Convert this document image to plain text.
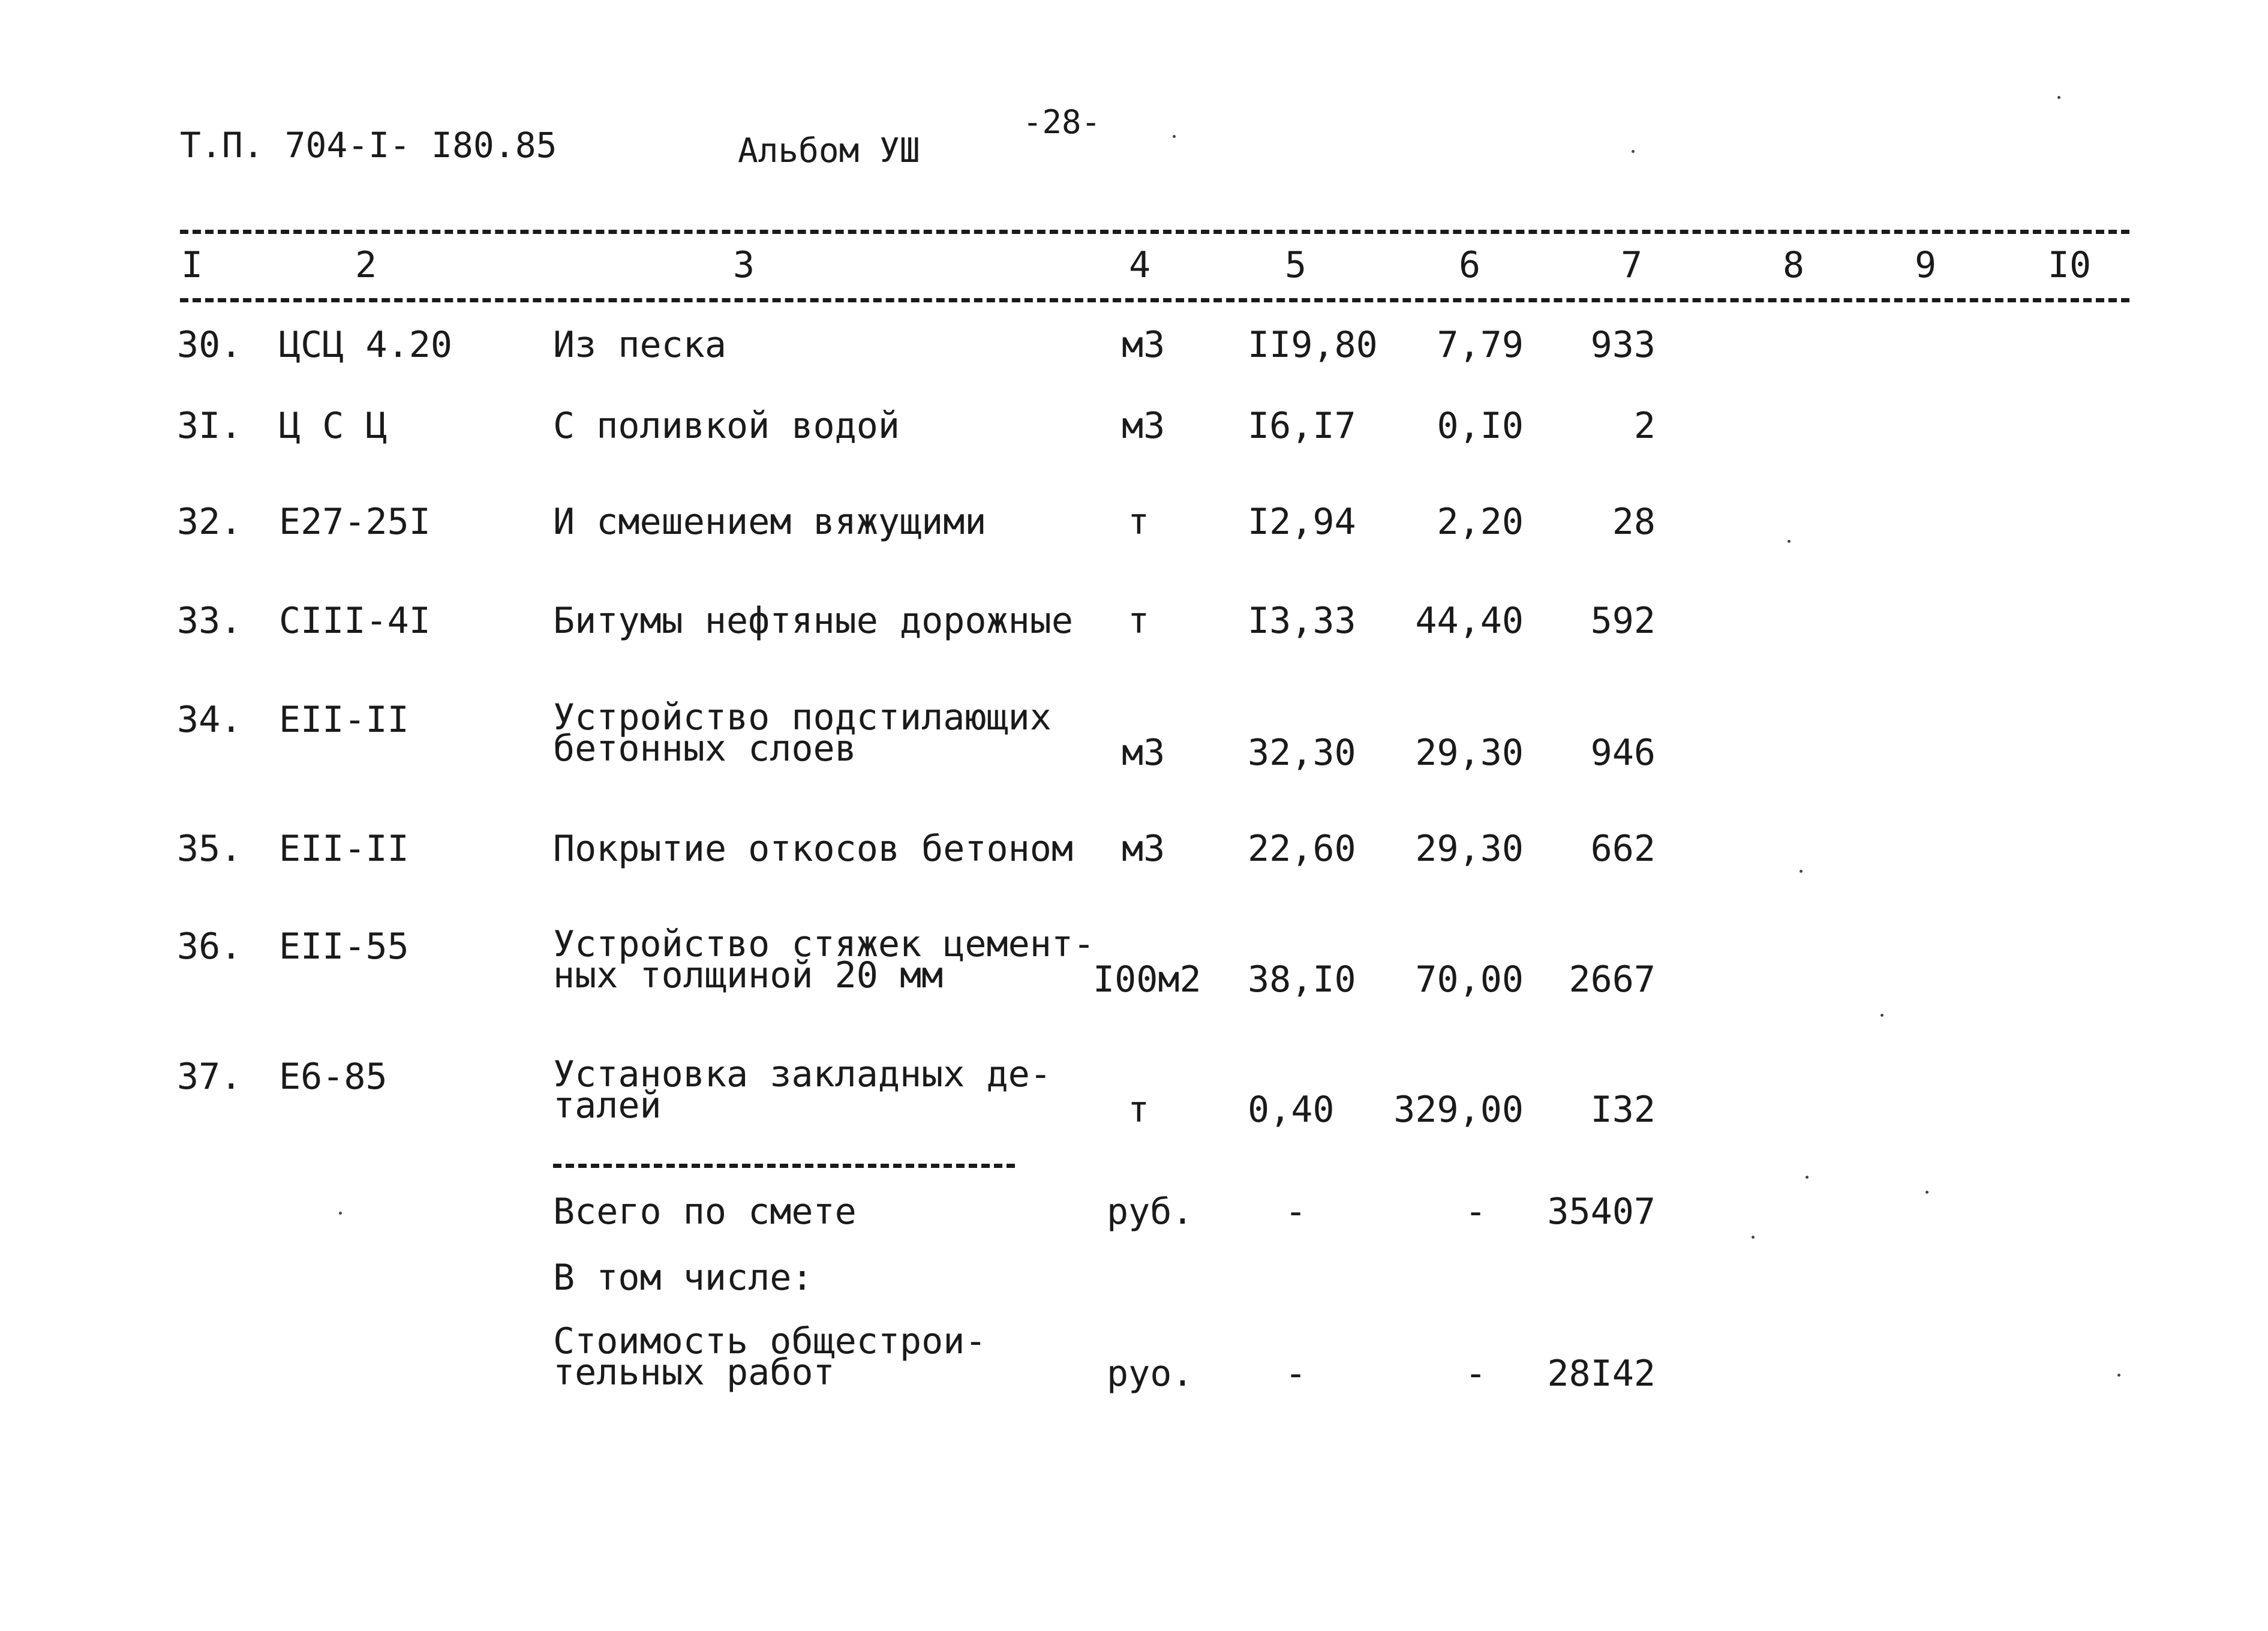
Т.П. 704-I- I80.85	Альбом УШ
-28-
I	2	3	4	5	6	7	8	9	I0
30. ЦСЦ 4.20	Из песка	м3 II9,80	7,79	933
3I. Ц С Ц	С поливкой водой	м3 I6,I7	0,I0	2
32. Е27-25I	И смешением вяжущими	т	I2,94	2,20	28
33. СIII-4I	Битумы нефтяные дорожные т	I3,33	44,40	592
34. ЕII-II	Устройство подстилающих
бетонных слоев	м3 32,30	29,30	946
35. ЕII-II	Покрытие откосов бетоном м3 22,60	29,30	662
36. ЕII-55	Устройство стяжек цемент-
ных толщиной 20 мм	I00м2 38,I0	70,00	2667
37. Е6-85	Установка закладных де-
талей	т	0,40	329,00	I32
Всего по смете	руб.	-	-	35407
В том числе:
Стоимость общестрои-
тельных работ	руо.	-	-	28I42
